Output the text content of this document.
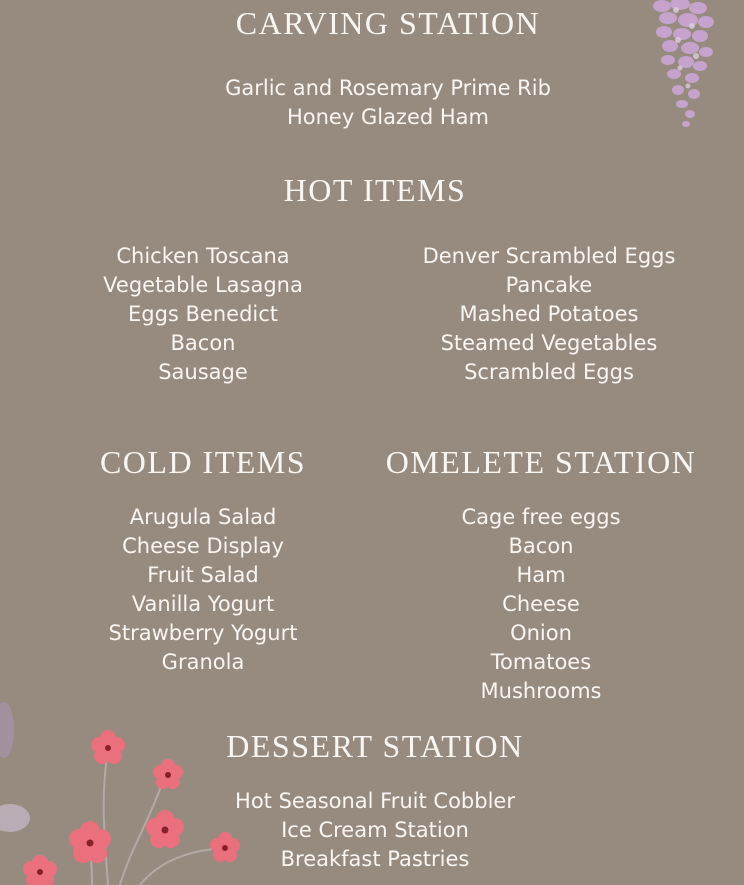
CARVING STATION
Garlic and Rosemary Prime Rib
Honey Glazed Ham
HOT ITEMS
Chicken Toscana
Vegetable Lasagna
Eggs Benedict
Bacon
Sausage
Denver Scrambled Eggs
Pancake
Mashed Potatoes
Steamed Vegetables
Scrambled Eggs
COLD ITEMS
Arugula Salad
Cheese Display
Fruit Salad
Vanilla Yogurt
Strawberry Yogurt
Granola
OMELETE STATION
Cage free eggs
Bacon
Ham
Cheese
Onion
Tomatoes
Mushrooms
DESSERT STATION
Hot Seasonal Fruit Cobbler
Ice Cream Station
Breakfast Pastries
